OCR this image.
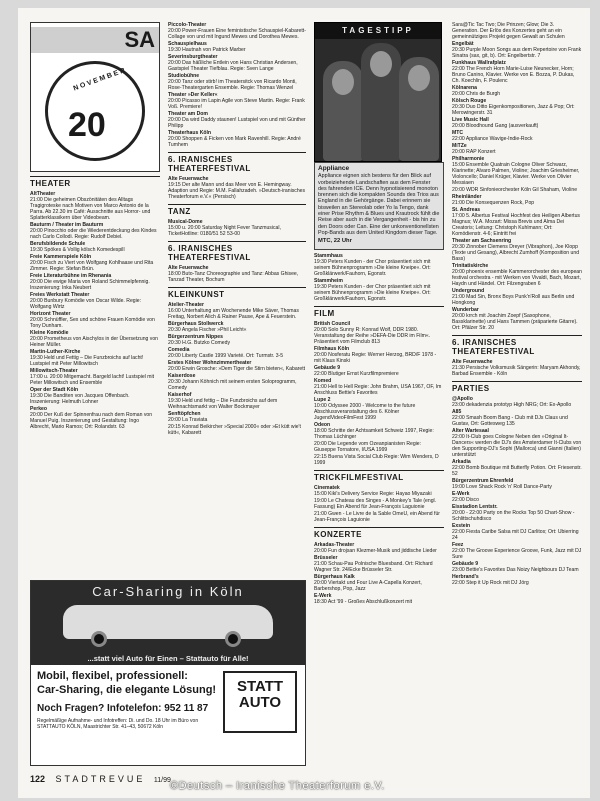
SA
NOVEMBER
20
THEATER
AltTheater
21:00 Die geheimen Obszönitäten des Alltags Tragigroteske nach Motiven von Marco Antonio de la Parra. Ab 22.30 im Café: Ausschnitte aus Horror- und Splatterklassikern über Videobeam.
Bauturm / Theater im Bauturm
20:00 Pinocchio oder die Wiederentdeckung des Kindes nach Carlo Collodi. Regie: Rudolf Debiel.
Berufsbildende Schule
19:30 Spökes & Vollig kölsch Komedespill
Freie Kammerspiele Köln
20:00 Fisch zu Viert von Wolfgang Kohlhaase und Rita Zimmer. Regie: Stefan Brün.
Freie Literaturbühne im Rhenania
20:00 Die ewige Maria von Roland Schimmelpfennig. Inszenierung: Inka Neubert
Freies Werkstatt Theater
20:00 Bunbury Komödie von Oscar Wilde. Regie: Wolfgang Wirtz
Horizont Theater
20:00 Schnüffler, Sex und schöne Frauen Komödie von Tony Dunham.
Kleine Komödie
20:00 Prometheus von Aischylos in der Übersetzung von Heiner Müller.
Martin-Luther-Kirche
19:30 Held und Fettig – Die Funzbroichs auf lacht! Lustspiel mit Peter Millowitsch
Millowitsch-Theater
17:00 u. 20:00 Mitgemacht. Bargeld lacht! Lustspiel mit Peter Millowitsch und Ensemble
Oper der Stadt Köln
19:30 Die Banditen von Jacques Offenbach. Inszenierung: Helmuth Lohner
Perkeo
20:00 Der Kuß der Spinnenfrau nach dem Roman von Manuel Puig. Inszenierung und Gestaltung: Ingo Albrecht, Mario Ramos; Ort: Rolandstr. 63
Piccolo-Theater
20:00 Power-Frauen Eine feministische Schauspiel-Kabarett-Collage von und mit Ingund Mewes und Dorothea Mewes.
Schauspielhaus
19:30 Hautnah von Patrick Marber
Severinsburgtheater
20:00 Das häßliche Entlein von Hans Christian Andersen, Gastspiel Theater Tiefblau. Regie: Sven Lange
Studiobühne
20:00 Tanz oder stirb! im Theatersitck von Ricardo Monti, Rose-Theatergarten Ensemble. Regie: Thomas Wenzel
Theater »Der Keller«
20:00 Picasso im Lapin Agile von Steve Martin. Regie: Frank Voß. Premiere!
Theater am Dom
20:00 Da wird Daddy staunen! Lustspiel von und mit Günther Philipp
Theaterhaus Köln
20:00 Shoppen & Ficken von Mark Ravenhill. Regie: André Tumhem
6. IRANISCHES THEATERFESTIVAL
Alte Feuerwache
19:15 Der alte Mann und das Meer von E. Hemingway. Adaption und Regie: M.M. Fallahzadeh. »Deutsch-iranisches Theaterforum e.V.« (Persisch)
TANZ
Musical-Dome
15:00 u. 20:00 Saturday Night Fever Tanzmusical, TicketHotline: 0180/51 52 53-00
6. IRANISCHES THEATERFESTIVAL
Alte Feuerwache
18:00 Buto-Tanz Choreographie und Tanz: Abbas Ghisee, Tanzad Theater, Bochum
KLEINKUNST
Atelier-Theater
16:00 Unterhaltung am Wochenende Mike Säver, Thomas Freitag, Norbert Alich & Rainer Pause, Ape & Feuerstein.
Bürgerhaus Stollwerck
20:30 Angela Fischer »Phil Leicht«
Bürgerzentrum Nippes
20:30 H.G. Butzko Comedy
Comedia
20:00 Liberty Castle 1999 Varieté. Ort: Turmstr. 3-5
Erstes Kölner Wohnzimmertheater
20:00 Erwin Grosche: »Dem Tiger die Stirn bieten«, Kabarett
Kaiserdose
20:30 Johann Köhnich mit seinem ersten Soloprogramm, Comedy
Kaiserhof
19:30 Held und fettig – Die Funzbroichs auf dem Weihnachtsmarkt von Walter Bockmayer
Senftöpfchen
20:00 La Traviata
20:15 Konrad Beikircher »Special 2000« oder »Et kütt wie't kütt«, Kabarett
TAGESTIPP
Appliance
Appliance eignen sich bestens für den Blick auf vorbeiziehende Landschaften aus dem Fenster des fahrenden ICE. Denn hypnotisierend monoton brennen sich die kompakten Sounds des Trios aus England in die Gehörgänge. Dabei erinnern sie bisweilen an Stereolab oder Yo la Tengo, dank einer Prise Rhythm & Blues und Krautrock fühlt die Reise aber auch in die Vergangenheit - bis hin zu den Doors oder Can. Eine der unkonventionellsten Pop-Bands aus dem United Kingdom dieser Tage.
MTC, 22 Uhr
Stammhaus
19:30 Peters Kunden - der Chor präsentiert sich mit seinem Bühnenprogramm »Die kleine Kneipe«. Ort: Großklärwerk/Fauhorn, Egonstr.
Stammheim
19:30 Peters Kunden - der Chor präsentiert sich mit seinem Bühnenprogramm »Die kleine Kneipe«. Ort: Großklärwerk/Fauhorn, Egonstr.
FILM
British Council
20:00 Solo Sunny R: Konrad Wolf, DDR 1980. Veranstaltung der Reihe »DEFA-Die DDR im Film«. Präsentiert vom Filmclub 813
Filmhaus Köln
20:00 Nosferatu Regie: Werner Herzog, BRD/F 1978 - mit Klaus Kinski
Gebäude 9
22:00 Blutiger Ernst Kurzfilmpremiere
Komed
21:00 Hell to Hell Regie: John Brahm, USA 1967, OF, Im Anschluss Bettie's Favorites
Lupe 2
10:00 Odyssee 2000 - Welcome to the future Abschlussveranstaltung des 6. Kölner JugendVideoFilmFest 1999
Odeon
18:00 Schritte der Achtsamkeit Schweiz 1997, Regie: Thomas Lüchinger
20:00 Die Legende vom Ozeanpianisten Regie: Giuseppe Tornatore, I/USA 1999
22:15 Buena Vista Social Club Regie: Wim Wenders, D 1999
TRICKFILMFESTIVAL
Cinematek
15:00 Kiki's Delivery Service Regie: Hayao Miyazaki
19:00 Le Chateau des Singes - A Monkey's Tale (engl. Fassung) Ein Abend für Jean-François Laguionie
21:00 Gwen - Le Livre de la Sable OmeU, ein Abend für Jean-François Laguionie
KONZERTE
Arkadas-Theater
20:00 Fun drojsan Klezmer-Musik und jiddische Lieder
Brüsseler
21:00 Schau-Pau Polnische Bluesband. Ort: Richard Wagner Str. 24/Ecke Brüsseler Str.
Bürgerhaus Kalk
20:00 Viertakt und Four Live A-Capella Konzert, Barbershop, Pop, Jazz
E-Werk
18:30 Act '99 - Großes Abschlußkonzert mit
Sara@Tic Tac Two; Die Prinzen; Glow; Die 3. Generation. Der Erlös des Konzertes geht an ein gemeinnütziges Projekt gegen Gewalt an Schulen
Engelbät
20:30 Purple Moon Songs aus dem Repertoire von Frank Sinatra (sax, git, b). Ort: Engelbertstr. 7
Funkhaus Wallrafplatz
22:00 The French Horn Marie-Luise Neunecker, Horn; Bruno Canino, Klavier. Werke von E. Bozza, P. Dukas, Ch. Koechlin, F. Poulenc
Kölnarena
20:00 Chris de Burgh
Kölsch Rouge
20:30 Duo Ditto Eigenkompositionen, Jazz & Pop; Ort: Merowingerstr. 31
Live Music Hall
20:00 Bloodhound Gang (ausverkauft)
MTC
22:00 Appliance Wavige-Indie-Rock
MiTZe
20:00 RAP Konzert
Philharmonie
15:00 Ensemble Quatrain Cologne Oliver Schwarz, Klarinette; Alvaro Palmen, Violine; Joachim Griesheimer, Violoncello; Daniel Krüger, Klavier. Werke von Olivier Messiaen
20:00 WDR Sinfonieorchester Köln Gil Shaham, Violine
Rheinländer
21:00 Die Konsequenzen Rock, Pop
St. Andreas
17:00 5. Albertus Festival Hochfest des Heiligen Albertus Magnus; W.A. Mozart: Missa Brevis und Alma Dei Creatoris; Leitung: Christoph Kuhlmann; Ort: Komödienstr. 4-6; Eintritt frei
Theater am Sachsenring
20:30 Zinnober Clemens Dreyer (Vibraphon), Joe Klopp (Texte und Gesang), Albrecht Zumhoff (Komposition und Bass)
Trinitatiskirche
20:00 phoenix ensemble Kammerorchester des european festival orchestra - mit Werken von Vivaldi, Bach, Mozart, Haydn und Händel. Ort: Filzengraben 6
Underground
21:00 Mad Sin, Bronx Boys Punk'n'Roll aus Berlin und Hongkong
Wunderbar
20:00 krrch mit Joachim Zoepf (Saxophone, Bassklarinette) und Hans Tammen (präparierte Gitarre). Ort: Pfälzer Str. 20
6. IRANISCHES THEATERFESTIVAL
Alte Feuerwache
21:30 Persische Volksmusik Sängerin: Maryam Akhondy, Barbad Ensemble - Köln
PARTIES
@Apollo
23:00 dekadenzia prototyp High NRG; Ort: Ex-Apollo
A85
22:00 Smash Boom Bang - Club mit DJs Claus und Gustav, Ort: Gottesweg 135
Alter Wartesaal
22:00 It-Club goes Cologne Neben den »Original It-Dancers« werden die DJ's des Amsterdamer It-Clubs von den Supporting-DJ's Sophi (Mallorca) und Gianni (Italien) unterstützt
Arkadia
22:00 Bomb Boutique mit Butterfly Potion. Ort: Friesenstr. 52
Bürgerzentrum Ehrenfeld
19:00 Love Shack Rock 'n' Roll Dance-Party
E-Werk
22:00 Disco
Eisstadion Lentstr.
20:00 - 22:00 Party on the Rocks Top 50 Chart-Show - Schlittschuhdisco
Exstein
22:00 Fiesta Caribe Salsa mit DJ Carlitos; Ort: Ubierring 24
Feez
22:00 The Groove Experience Groove, Funk, Jazz mit DJ Sure
Gebäude 9
23:00 Bettie's Favorites Das Noizy Neighbours DJ Team
Herbrand's
22:00 Step it Up Rock mit DJ Jörg
Car-Sharing in Köln
...statt viel Auto für Einen – Stattauto für Alle!
Mobil, flexibel, professionell:
Car-Sharing, die elegante Lösung!
Noch Fragen? Infotelefon: 952 11 87
Regelmäßige Aufnahme- und Infotreffen: Di. und Do. 18 Uhr im Büro von STATTAUTO KÖLN, Maastrichter Str. 41–43, 50672 Köln
STATT
AUTO
122 STADTREVUE 11/99 ©Deutsch – Iranische Theaterforum e.V.
